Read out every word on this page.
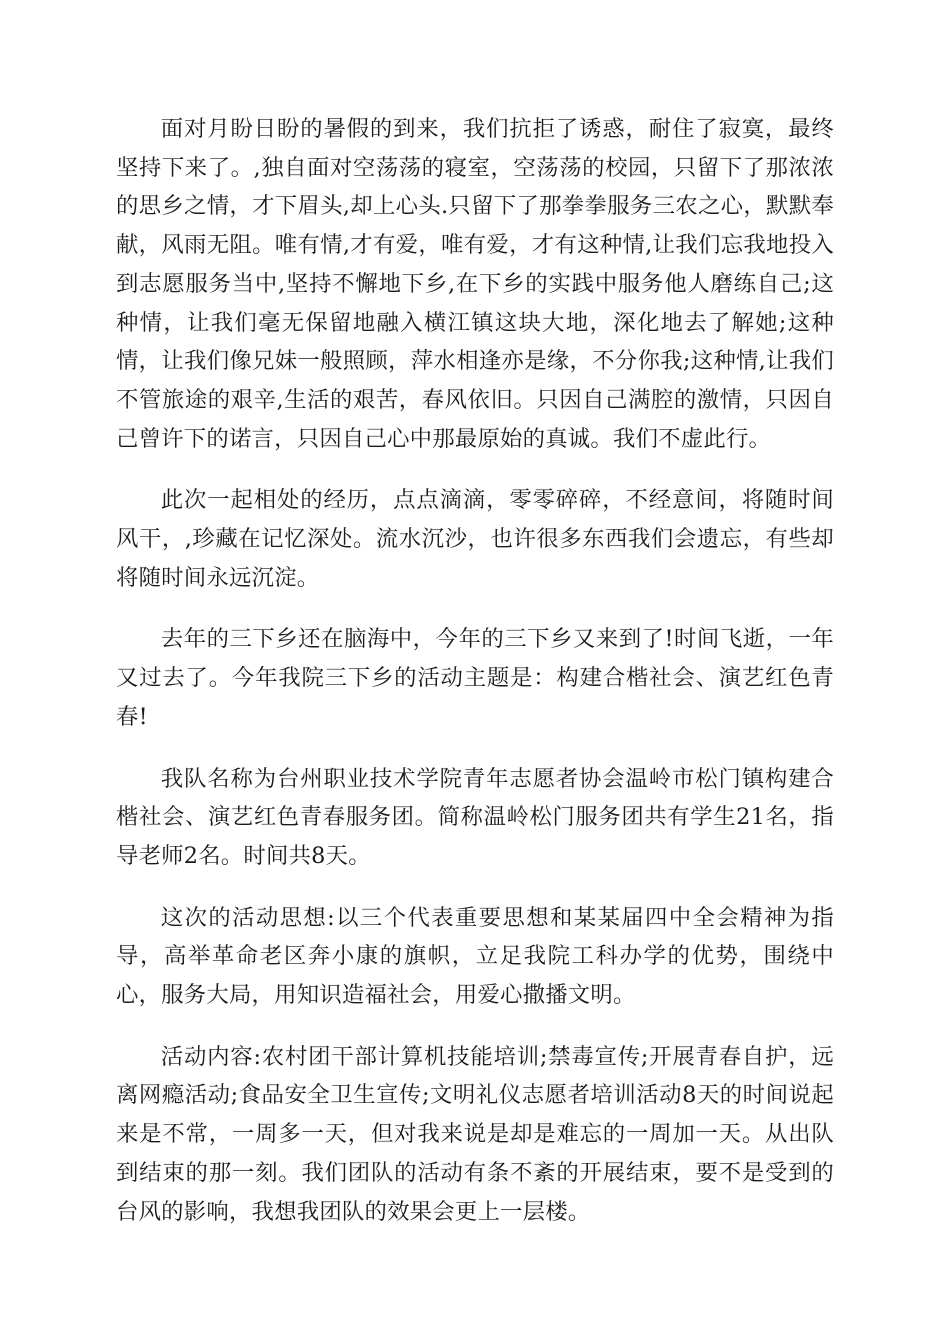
面对月盼日盼的暑假的到来，我们抗拒了诱惑，耐住了寂寞，最终坚持下来了。,独自面对空荡荡的寝室，空荡荡的校园，只留下了那浓浓的思乡之情，才下眉头,却上心头.只留下了那拳拳服务三农之心，默默奉献，风雨无阻。唯有情,才有爱，唯有爱，才有这种情,让我们忘我地投入到志愿服务当中,坚持不懈地下乡,在下乡的实践中服务他人磨练自己;这种情，让我们毫无保留地融入横江镇这块大地，深化地去了解她;这种情，让我们像兄妹一般照顾，萍水相逢亦是缘，不分你我;这种情,让我们不管旅途的艰辛,生活的艰苦，春风依旧。只因自己满腔的激情，只因自己曾许下的诺言，只因自己心中那最原始的真诚。我们不虚此行。

此次一起相处的经历，点点滴滴，零零碎碎，不经意间，将随时间风干，,珍藏在记忆深处。流水沉沙，也许很多东西我们会遗忘，有些却将随时间永远沉淀。

去年的三下乡还在脑海中，今年的三下乡又来到了!时间飞逝，一年又过去了。今年我院三下乡的活动主题是：构建合楷社会、演艺红色青春!

我队名称为台州职业技术学院青年志愿者协会温岭市松门镇构建合楷社会、演艺红色青春服务团。简称温岭松门服务团共有学生21名，指导老师2名。时间共8天。

这次的活动思想:以三个代表重要思想和某某届四中全会精神为指导，高举革命老区奔小康的旗帜，立足我院工科办学的优势，围绕中心，服务大局，用知识造福社会，用爱心撒播文明。

活动内容:农村团干部计算机技能培训;禁毒宣传;开展青春自护，远离网瘾活动;食品安全卫生宣传;文明礼仪志愿者培训活动8天的时间说起来是不常，一周多一天，但对我来说是却是难忘的一周加一天。从出队到结束的那一刻。我们团队的活动有条不紊的开展结束，要不是受到的台风的影响，我想我团队的效果会更上一层楼。
